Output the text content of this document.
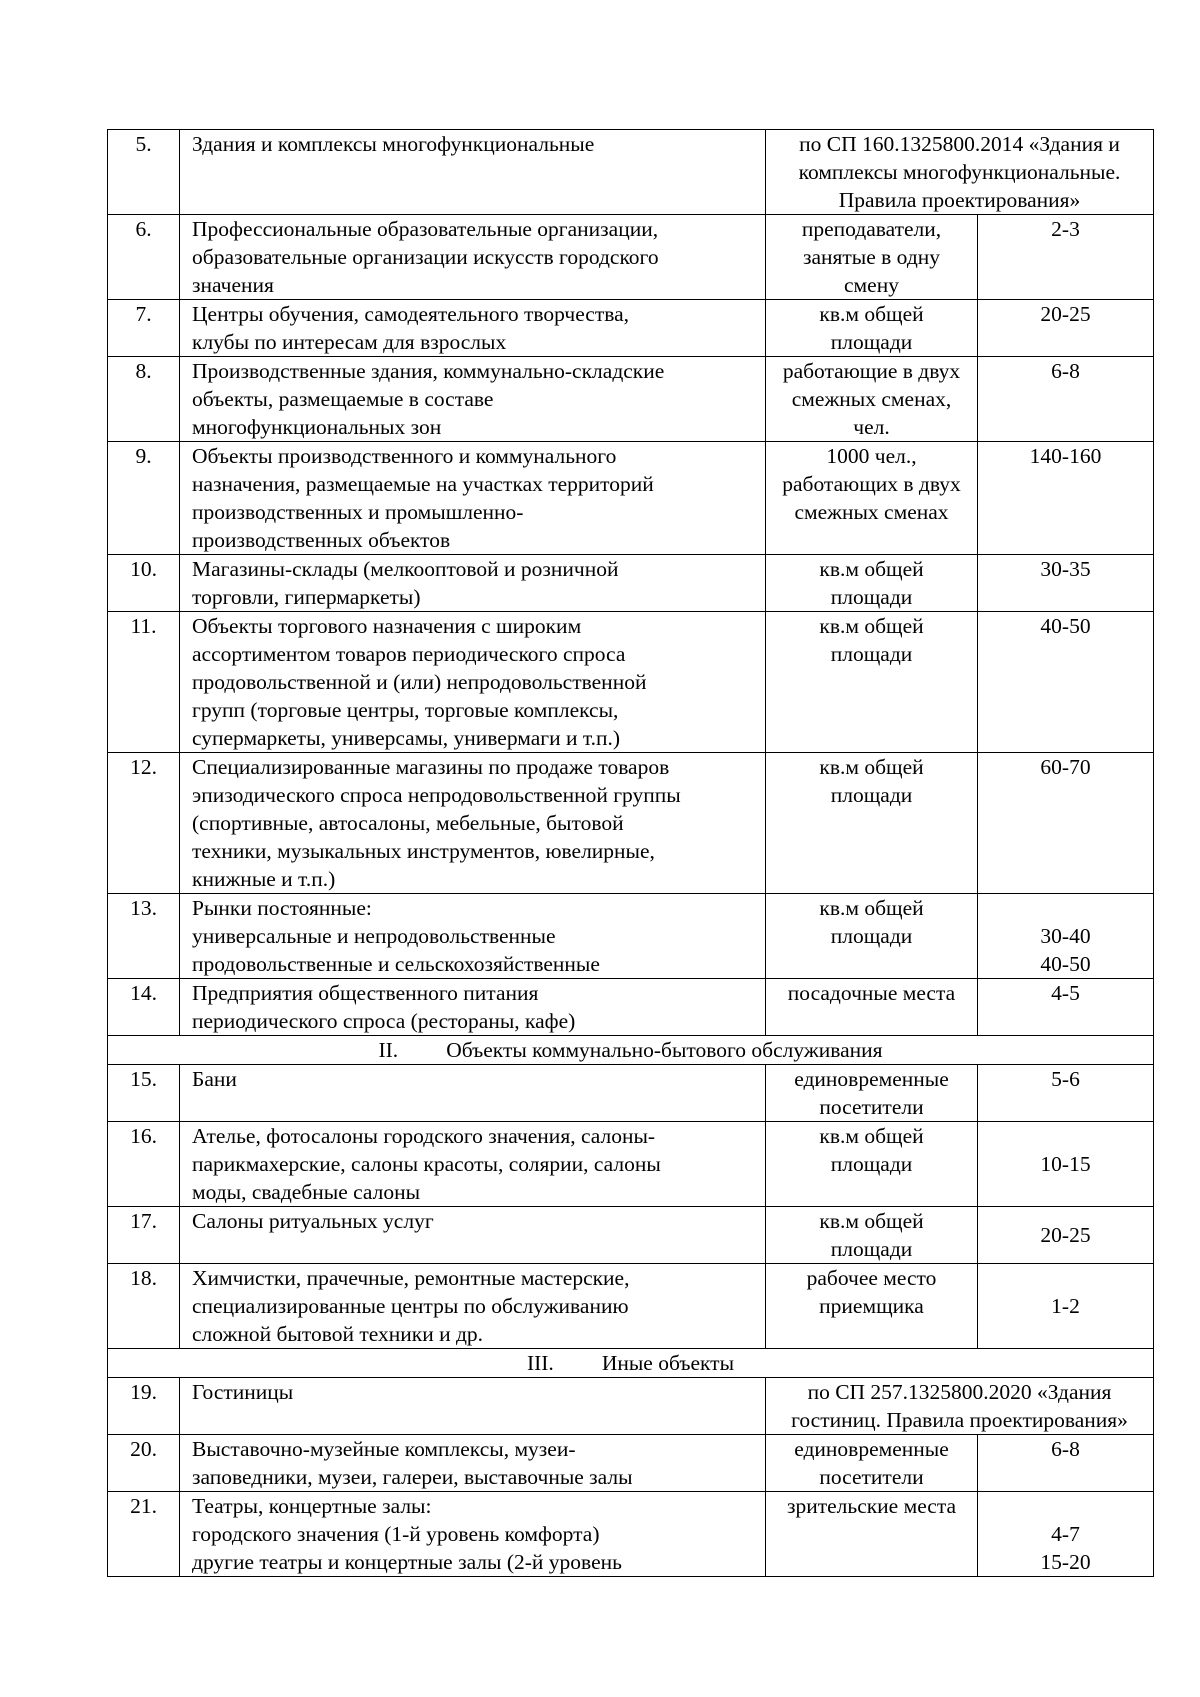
5.	Здания и комплексы многофункциональные	по СП 160.1325800.2014 «Здания и
комплексы многофункциональные.
Правила проектирования»	

6.	Профессиональные образовательные организации,
образовательные организации искусств городского
значения	преподаватели,
занятые в одну
смену	2-3

7.	Центры обучения, самодеятельного творчества,
клубы по интересам для взрослых	кв.м общей
площади	20-25

8.	Производственные здания, коммунально-складские
объекты, размещаемые в составе
многофункциональных зон	работающие в двух
смежных сменах,
чел.	6-8

9.	Объекты производственного и коммунального
назначения, размещаемые на участках территорий
производственных и промышленно-
производственных объектов	1000 чел.,
работающих в двух
смежных сменах	140-160

10.	Магазины-склады (мелкооптовой и розничной
торговли, гипермаркеты)	кв.м общей
площади	30-35

11.	Объекты торгового назначения с широким
ассортиментом товаров периодического спроса
продовольственной и (или) непродовольственной
групп (торговые центры, торговые комплексы,
супермаркеты, универсамы, универмаги и т.п.)	кв.м общей
площади	40-50

12.	Специализированные магазины по продаже товаров
эпизодического спроса непродовольственной группы
(спортивные, автосалоны, мебельные, бытовой
техники, музыкальных инструментов, ювелирные,
книжные и т.п.)	кв.м общей
площади	60-70

13.	Рынки постоянные:
универсальные и непродовольственные
продовольственные и сельскохозяйственные	кв.м общей
площади	30-40
40-50

14.	Предприятия общественного питания
периодического спроса (рестораны, кафе)	посадочные места	4-5

II. Объекты коммунально-бытового обслуживания			
15.	Бани	единовременные
посетители	5-6

16.	Ателье, фотосалоны городского значения, салоны-
парикмахерские, салоны красоты, солярии, салоны
моды, свадебные салоны	кв.м общей
площади	10-15

17.	Салоны ритуальных услуг	кв.м общей
площади	20-25

18.	Химчистки, прачечные, ремонтные мастерские,
специализированные центры по обслуживанию
сложной бытовой техники и др.	рабочее место
приемщика	1-2

III. Иные объекты			
19.	Гостиницы	по СП 257.1325800.2020 «Здания
гостиниц. Правила проектирования»	

20.	Выставочно-музейные комплексы, музеи-
заповедники, музеи, галереи, выставочные залы	единовременные
посетители	6-8

21.	Театры, концертные залы:
городского значения (1-й уровень комфорта)
другие театры и концертные залы (2-й уровень	зрительские места	4-7
15-20
